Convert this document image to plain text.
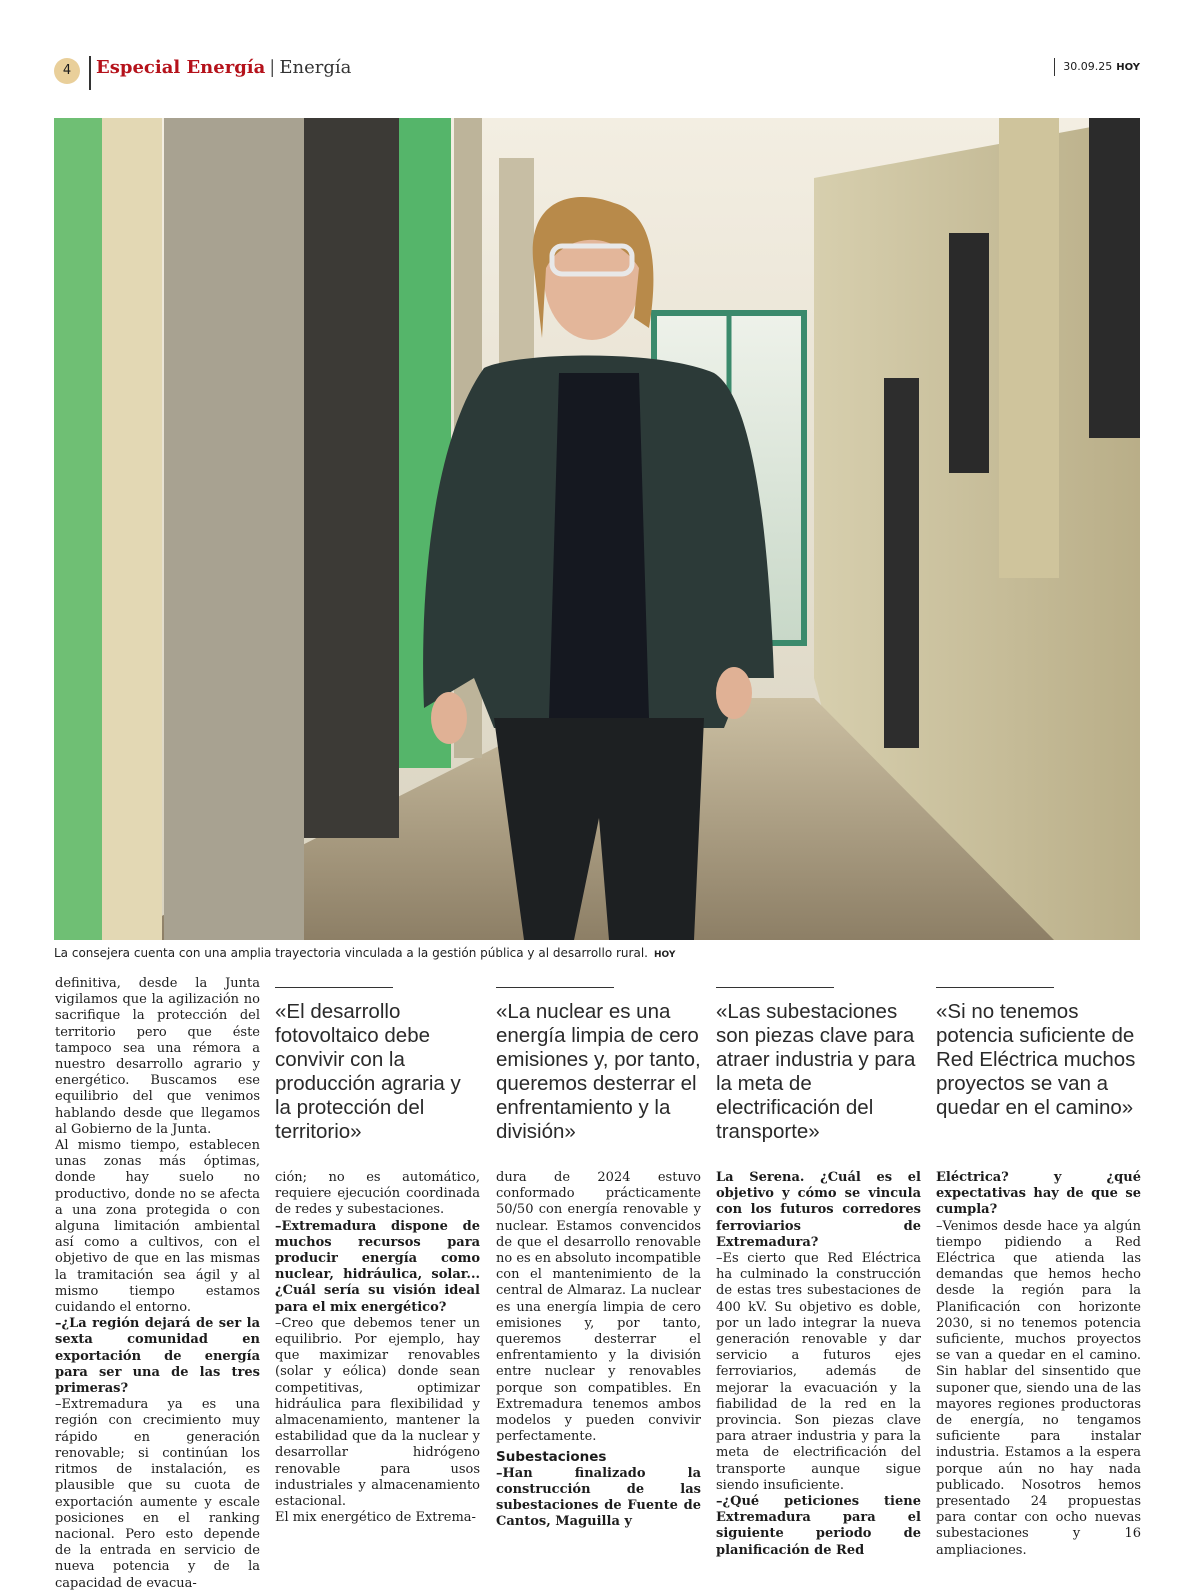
4	Especial Energía | Energía	30.09.25 HOY
La consejera cuenta con una amplia trayectoria vinculada a la gestión pública y al desarrollo rural. HOY

definitiva, desde la Junta vigilamos que la agilización no sacrifique la protección del territorio pero que éste tampoco sea una rémora a nuestro desarrollo agrario y energético. Buscamos ese equilibrio del que venimos hablando desde que llegamos al Gobierno de la Junta.

Al mismo tiempo, establecen unas zonas más óptimas, donde hay suelo no productivo, donde no se afecta a una zona protegida o con alguna limitación ambiental así como a cultivos, con el objetivo de que en las mismas la tramitación sea ágil y al mismo tiempo estamos cuidando el entorno.

–¿La región dejará de ser la sexta comunidad en exportación de energía para ser una de las tres primeras?

–Extremadura ya es una región con crecimiento muy rápido en generación renovable; si continúan los ritmos de instalación, es plausible que su cuota de exportación aumente y escale posiciones en el ranking nacional. Pero esto depende de la entrada en servicio de nueva potencia y de la capacidad de evacua-

«El desarrollo fotovoltaico debe convivir con la producción agraria y la protección del territorio»

ción; no es automático, requiere ejecución coordinada de redes y subestaciones.

–Extremadura dispone de muchos recursos para producir energía como nuclear, hidráulica, solar...¿Cuál sería su visión ideal para el mix energético?

–Creo que debemos tener un equilibrio. Por ejemplo, hay que maximizar renovables (solar y eólica) donde sean competitivas, optimizar hidráulica para flexibilidad y almacenamiento, mantener la estabilidad que da la nuclear y desarrollar hidrógeno renovable para usos industriales y almacenamiento estacional.

El mix energético de Extrema-

«La nuclear es una energía limpia de cero emisiones y, por tanto, queremos desterrar el enfrentamiento y la división»

dura de 2024 estuvo conformado prácticamente 50/50 con energía renovable y nuclear. Estamos convencidos de que el desarrollo renovable no es en absoluto incompatible con el mantenimiento de la central de Almaraz. La nuclear es una energía limpia de cero emisiones y, por tanto, queremos desterrar el enfrentamiento y la división entre nuclear y renovables porque son compatibles. En Extremadura tenemos ambos modelos y pueden convivir perfectamente.

Subestaciones

–Han finalizado la construcción de las subestaciones de Fuente de Cantos, Maguilla y

«Las subestaciones son piezas clave para atraer industria y para la meta de electrificación del transporte»

La Serena. ¿Cuál es el objetivo y cómo se vincula con los futuros corredores ferroviarios de Extremadura?

–Es cierto que Red Eléctrica ha culminado la construcción de estas tres subestaciones de 400 kV. Su objetivo es doble, por un lado integrar la nueva generación renovable y dar servicio a futuros ejes ferroviarios, además de mejorar la evacuación y la fiabilidad de la red en la provincia. Son piezas clave para atraer industria y para la meta de electrificación del transporte aunque sigue siendo insuficiente.

–¿Qué peticiones tiene Extremadura para el siguiente periodo de planificación de Red

«Si no tenemos potencia suficiente de Red Eléctrica muchos proyectos se van a quedar en el camino»

Eléctrica? y ¿qué expectativas hay de que se cumpla?

–Venimos desde hace ya algún tiempo pidiendo a Red Eléctrica que atienda las demandas que hemos hecho desde la región para la Planificación con horizonte 2030, si no tenemos potencia suficiente, muchos proyectos se van a quedar en el camino. Sin hablar del sinsentido que suponer que, siendo una de las mayores regiones productoras de energía, no tengamos suficiente para instalar industria. Estamos a la espera porque aún no hay nada publicado. Nosotros hemos presentado 24 propuestas para contar con ocho nuevas subestaciones y 16 ampliaciones.
